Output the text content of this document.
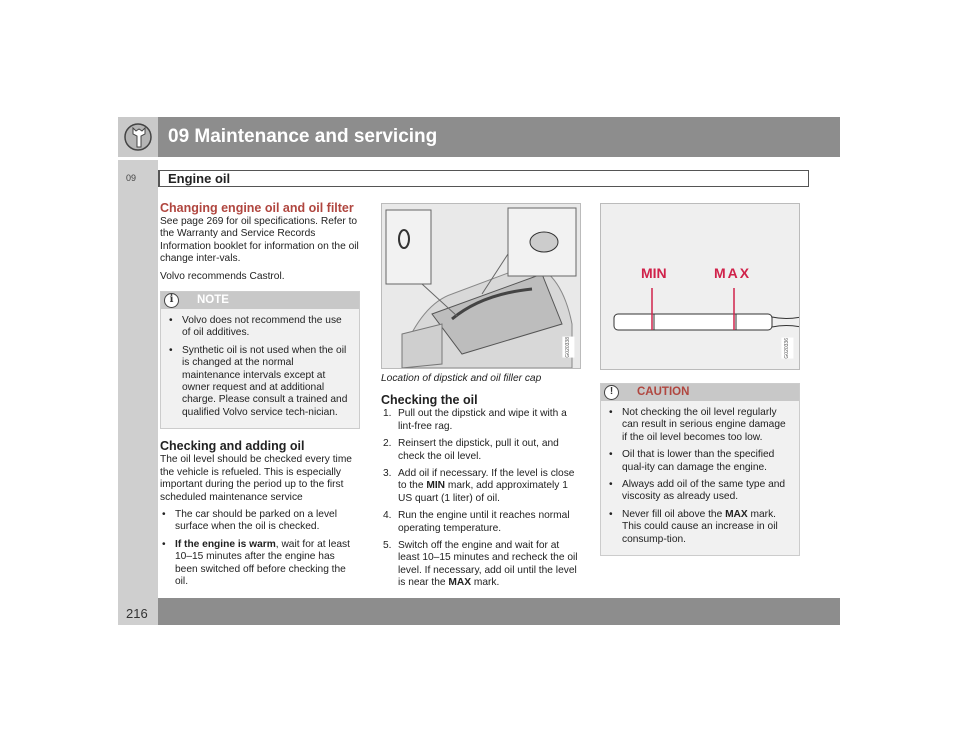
09 Maintenance and servicing
09	Engine oil
216
Changing engine oil and oil filter

See page 269 for oil specifications. Refer to the Warranty and Service Records Information booklet for information on the oil change inter-vals.

Volvo recommends Castrol.

i	NOTE
• Volvo does not recommend the use of oil additives.
• Synthetic oil is not used when the oil is changed at the normal maintenance intervals except at owner request and at additional charge. Please consult a trained and qualified Volvo service tech-nician.
Checking and adding oil

The oil level should be checked every time the vehicle is refueled. This is especially important during the period up to the first scheduled maintenance service

• The car should be parked on a level surface when the oil is checked.
• If the engine is warm, wait for at least 10–15 minutes after the engine has been switched off before checking the oil.
G020338
Location of dipstick and oil filler cap
Checking the oil
1. Pull out the dipstick and wipe it with a lint-free rag.
2. Reinsert the dipstick, pull it out, and check the oil level.
3. Add oil if necessary. If the level is close to the MIN mark, add approximately 1 US quart (1 liter) of oil.
4. Run the engine until it reaches normal operating temperature.
5. Switch off the engine and wait for at least 10–15 minutes and recheck the oil level. If necessary, add oil until the level is near the MAX mark.
MIN	MAX
G020336
!	CAUTION
• Not checking the oil level regularly can result in serious engine damage if the oil level becomes too low.
• Oil that is lower than the specified qual-ity can damage the engine.
• Always add oil of the same type and viscosity as already used.
• Never fill oil above the MAX mark. This could cause an increase in oil consump-tion.
